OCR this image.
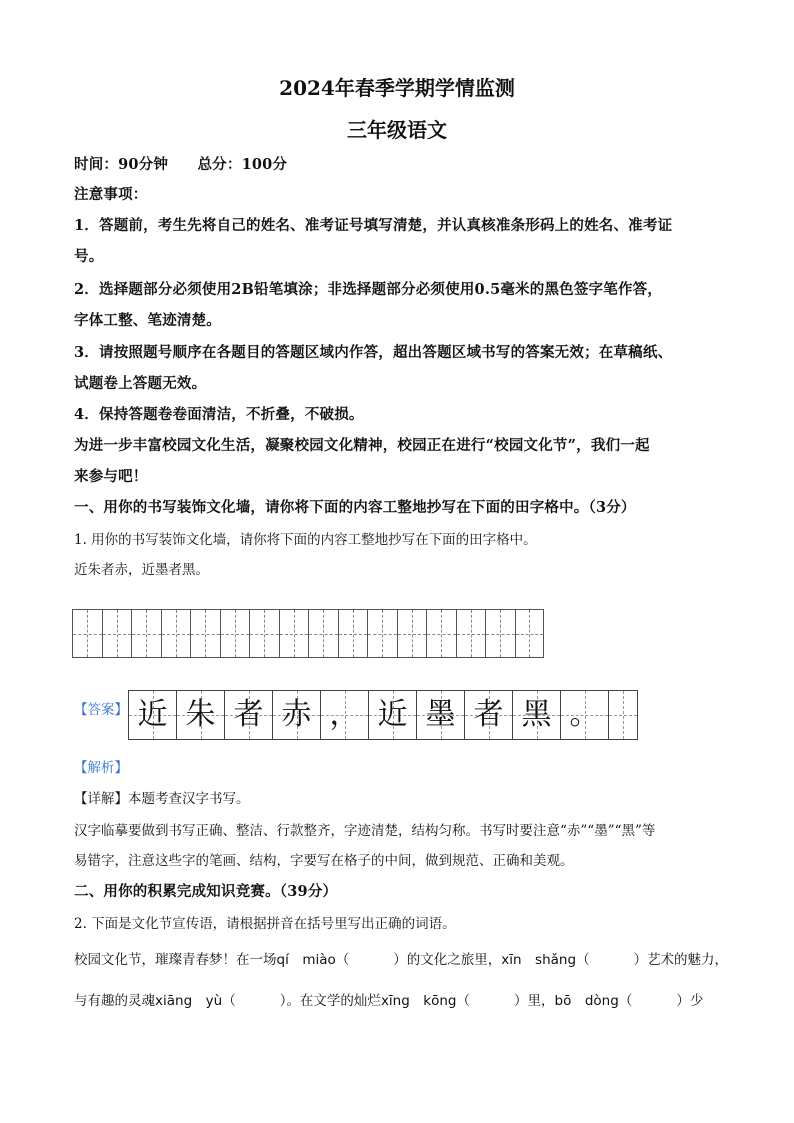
2024年春季学期学情监测
三年级语文
时间：90分钟　　总分：100分
注意事项：
1．答题前，考生先将自己的姓名、准考证号填写清楚，并认真核准条形码上的姓名、准考证
号。
2．选择题部分必须使用2B铅笔填涂；非选择题部分必须使用0.5毫米的黑色签字笔作答，
字体工整、笔迹清楚。
3．请按照题号顺序在各题目的答题区域内作答，超出答题区域书写的答案无效；在草稿纸、
试题卷上答题无效。
4．保持答题卷卷面清洁，不折叠，不破损。
为进一步丰富校园文化生活，凝聚校园文化精神，校园正在进行“校园文化节”，我们一起
来参与吧！
一、用你的书写装饰文化墙，请你将下面的内容工整地抄写在下面的田字格中。（3分）
1. 用你的书写装饰文化墙，请你将下面的内容工整地抄写在下面的田字格中。
近朱者赤，近墨者黑。
【答案】 近 朱 者 赤 ， 近 墨 者 黑 。
【解析】
【详解】本题考查汉字书写。
汉字临摹要做到书写正确、整洁、行款整齐，字迹清楚，结构匀称。书写时要注意“赤”“墨”“黑”等
易错字，注意这些字的笔画、结构，字要写在格子的中间，做到规范、正确和美观。
二、用你的积累完成知识竞赛。（39分）
2. 下面是文化节宣传语，请根据拼音在括号里写出正确的词语。
校园文化节，璀璨青春梦！在一场qí　miào（	）的文化之旅里，xīn　shǎng（	）艺术的魅力，
与有趣的灵魂xiāng　yù（	）。在文学的灿烂xīng　kōng（	）里，bō　dòng（	）少
